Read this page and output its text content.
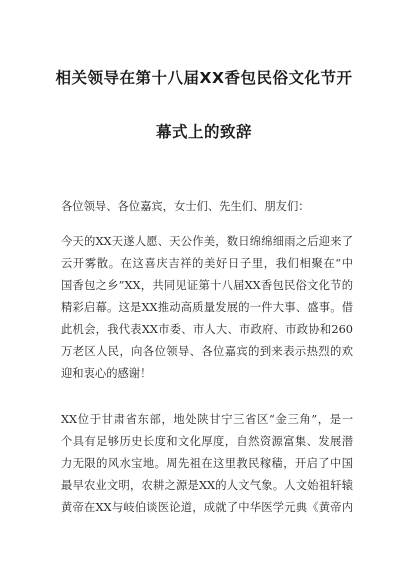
相关领导在第十八届XX香包民俗文化节开
幕式上的致辞
各位领导、各位嘉宾，女士们、先生们、朋友们：
今天的XX天遂人愿、天公作美，数日绵绵细雨之后迎来了
云开雾散。在这喜庆吉祥的美好日子里，我们相聚在“中
国香包之乡”XX，共同见证第十八届XX香包民俗文化节的
精彩启幕。这是XX推动高质量发展的一件大事、盛事。借
此机会，我代表XX市委、市人大、市政府、市政协和260
万老区人民，向各位领导、各位嘉宾的到来表示热烈的欢
迎和衷心的感谢！
XX位于甘肃省东部，地处陕甘宁三省区“金三角”，是一
个具有足够历史长度和文化厚度，自然资源富集、发展潜
力无限的风水宝地。周先祖在这里教民稼穑，开启了中国
最早农业文明，农耕之源是XX的人文气象。人文始祖轩辕
黄帝在XX与岐伯谈医论道，成就了中华医学元典《黄帝内
